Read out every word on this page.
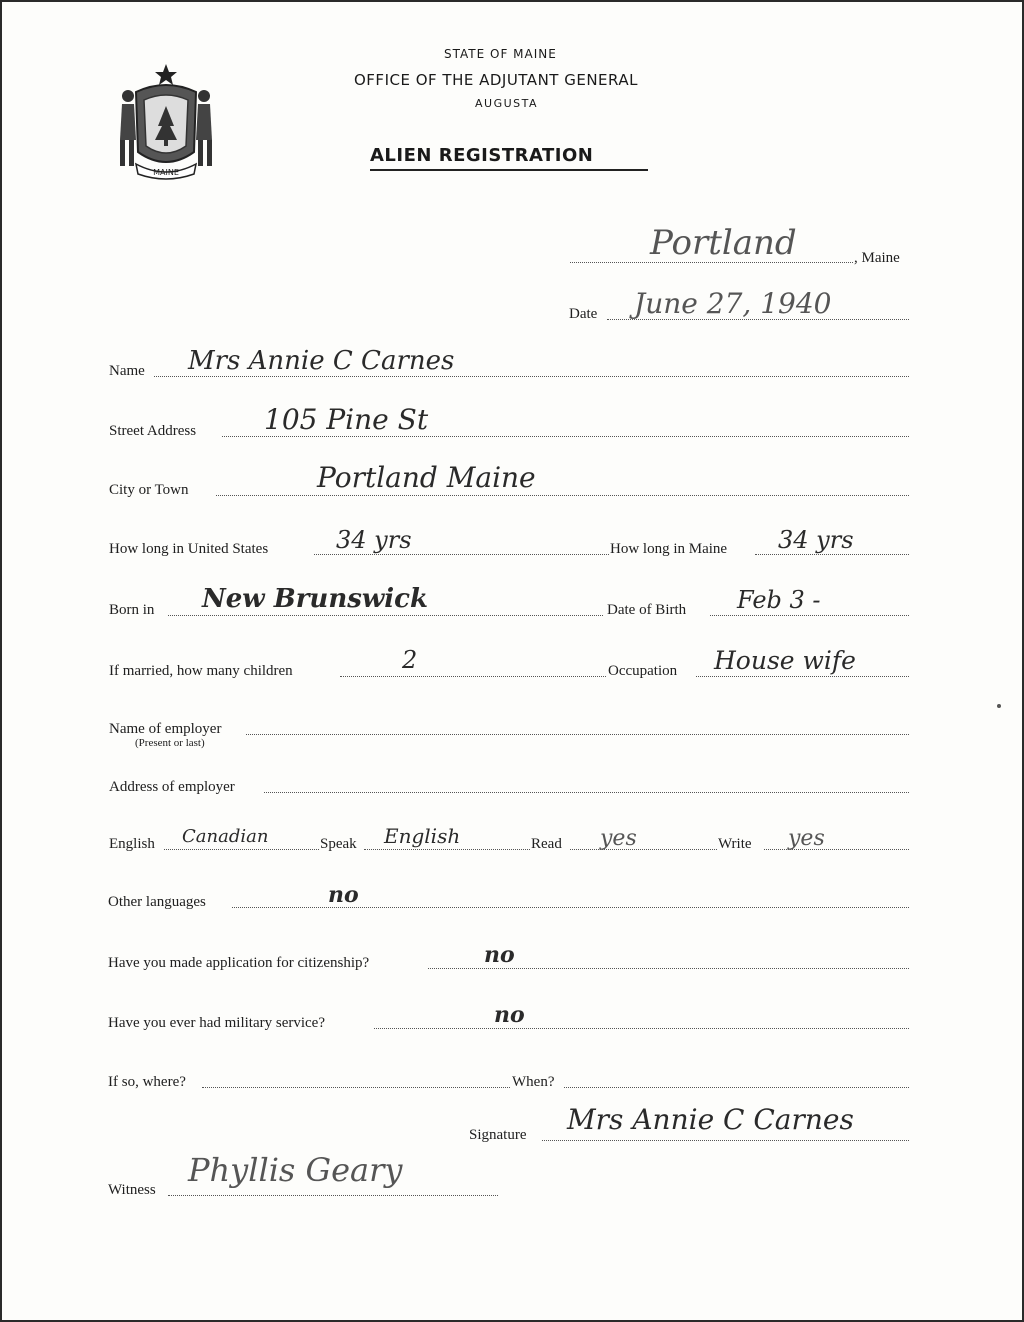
MAINE
STATE OF MAINE
OFFICE OF THE ADJUTANT GENERAL
AUGUSTA
ALIEN REGISTRATION
Portland	, Maine
Date June 27, 1940
Name Mrs Annie C Carnes
Street Address 105 Pine St
City or Town	Portland Maine
How long in United States	34 yrs	How long in Maine 34 yrs
Born in New Brunswick	Date of Birth Feb 3 -
If married, how many children	2	Occupation House wife
Name of employer
(Present or last)
Address of employer
English Canadian	Speak English	Read yes	Write yes
Other languages	no
Have you made application for citizenship?	no
Have you ever had military service?	no
If so, where?	When?
Signature Mrs Annie C Carnes
Witness
Phyllis Geary
